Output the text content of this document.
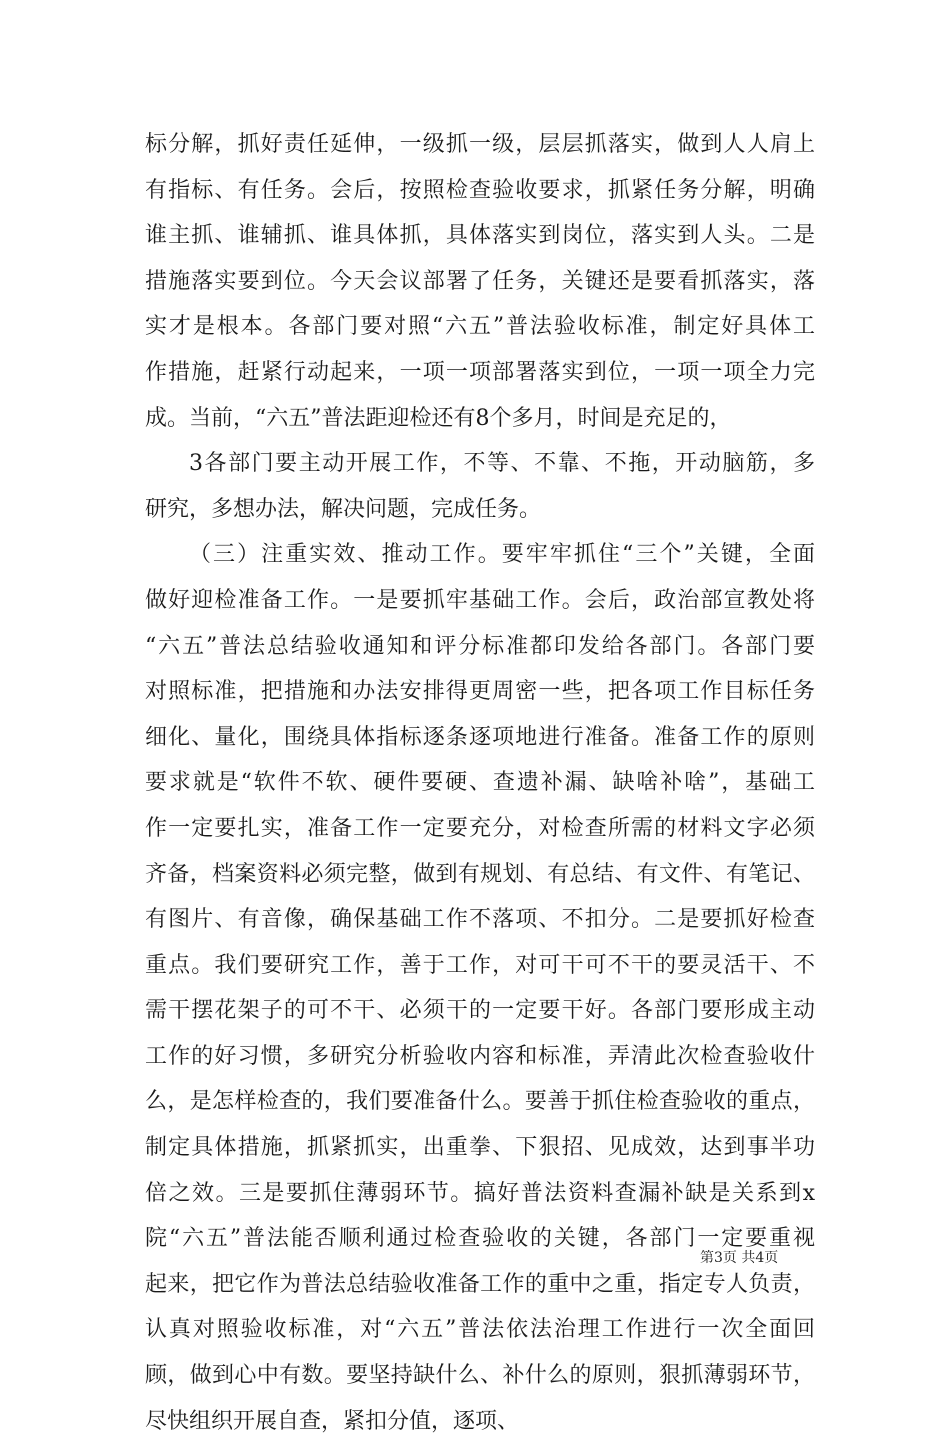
标分解，抓好责任延伸，一级抓一级，层层抓落实，做到人人肩上
有指标、有任务。会后，按照检查验收要求，抓紧任务分解，明确
谁主抓、谁辅抓、谁具体抓，具体落实到岗位，落实到人头。二是
措施落实要到位。今天会议部署了任务，关键还是要看抓落实，落
实才是根本。各部门要对照“六五”普法验收标准，制定好具体工
作措施，赶紧行动起来，一项一项部署落实到位，一项一项全力完
成。当前，“六五”普法距迎检还有8个多月，时间是充足的，
3各部门要主动开展工作，不等、不靠、不拖，开动脑筋，多
研究，多想办法，解决问题，完成任务。
（三）注重实效、推动工作。要牢牢抓住“三个”关键，全面
做好迎检准备工作。一是要抓牢基础工作。会后，政治部宣教处将
“六五”普法总结验收通知和评分标准都印发给各部门。各部门要
对照标准，把措施和办法安排得更周密一些，把各项工作目标任务
细化、量化，围绕具体指标逐条逐项地进行准备。准备工作的原则
要求就是“软件不软、硬件要硬、查遗补漏、缺啥补啥”，基础工
作一定要扎实，准备工作一定要充分，对检查所需的材料文字必须
齐备，档案资料必须完整，做到有规划、有总结、有文件、有笔记、
有图片、有音像，确保基础工作不落项、不扣分。二是要抓好检查
重点。我们要研究工作，善于工作，对可干可不干的要灵活干、不
需干摆花架子的可不干、必须干的一定要干好。各部门要形成主动
工作的好习惯，多研究分析验收内容和标准，弄清此次检查验收什
么，是怎样检查的，我们要准备什么。要善于抓住检查验收的重点，
制定具体措施，抓紧抓实，出重拳、下狠招、见成效，达到事半功
倍之效。三是要抓住薄弱环节。搞好普法资料查漏补缺是关系到x
院“六五”普法能否顺利通过检查验收的关键，各部门一定要重视
起来，把它作为普法总结验收准备工作的重中之重，指定专人负责，
认真对照验收标准，对“六五”普法依法治理工作进行一次全面回
顾，做到心中有数。要坚持缺什么、补什么的原则，狠抓薄弱环节，
尽快组织开展自查，紧扣分值，逐项、
第3页 共4页
